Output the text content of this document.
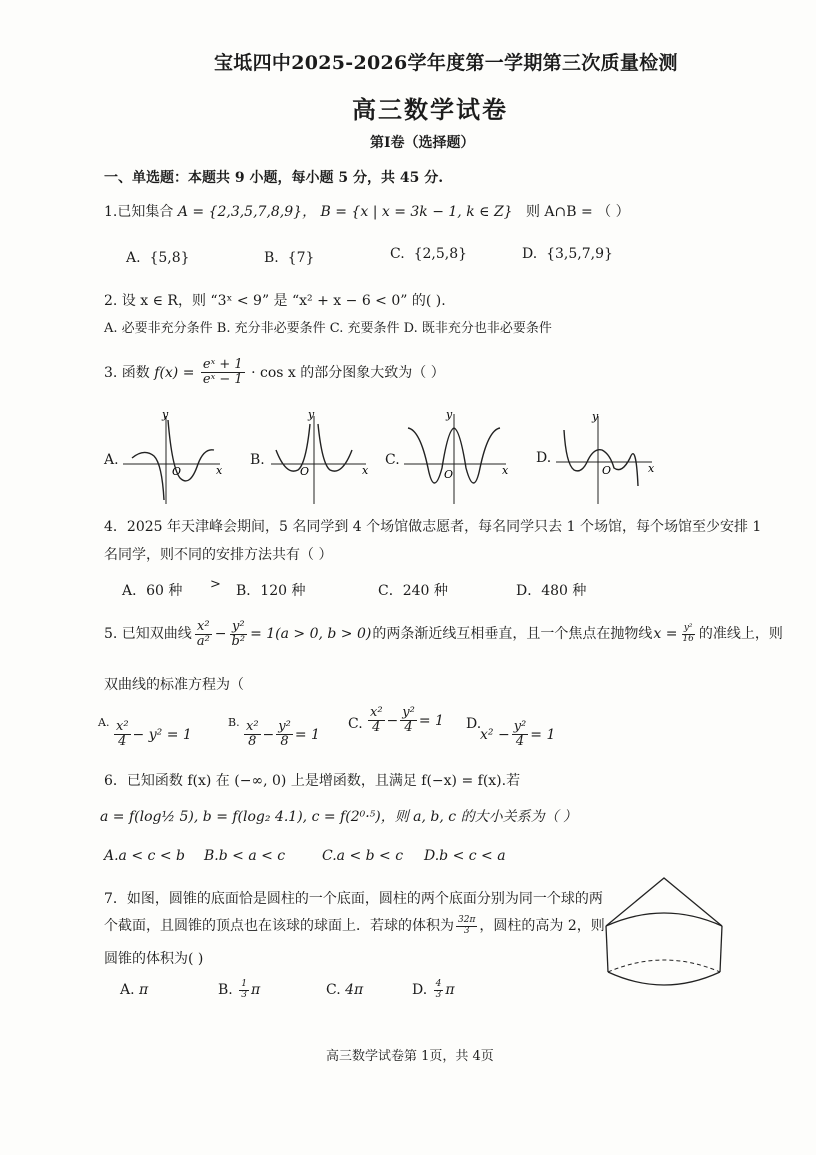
宝坻四中2025-2026学年度第一学期第三次质量检测
高三数学试卷
第I卷（选择题）
一、单选题：本题共 9 小题，每小题 5 分，共 45 分.
1.已知集合 A = {2,3,5,7,8,9}， B = {x | x = 3k − 1, k ∈ Z} 则 A∩B = （ ）
A. {5,8}	B. {7}	C. {2,5,8}	D. {3,5,7,9}
2. 设 x ∈ R，则 “3ˣ < 9” 是 “x² + x − 6 < 0” 的( ).
A. 必要非充分条件 B. 充分非必要条件 C. 充要条件 D. 既非充分也非必要条件
3. 函数 $f(x) = \frac{\text{eˣ + 1}}{\text{eˣ − 1}} \cdot \cos x$ 的部分图象大致为（ ）
A.
y
x
O
B.
y
x
O
C.
y
x
O
D.
y
x
O
4．2025 年天津峰会期间，5 名同学到 4 个场馆做志愿者，每名同学只去 1 个场馆，每个场馆至少安排 1
名同学，则不同的安排方法共有（ ）
A．60 种 > B．120 种	C．240 种	D．480 种
5. 已知双曲线 $\frac{\text{x²}}{\text{a²}} - \frac{\text{y²}}{\text{b²}} = 1(a > 0$, b > 0) 的两条渐近线互相垂直，且一个焦点在抛物线 $x = \frac{\text{y²}}{16}$ 的准线上，则
双曲线的标准方程为（
A. $\frac{\text{x²}}{4} - y^2 = 1$
B. $\frac{\text{x²}}{8} - \frac{\text{y²}}{8} = 1$
C. $\frac{\text{x²}}{4} - \frac{\text{y²}}{4} = 1$ D.
$x^2 - \frac{\text{y²}}{4} = 1$
6．已知函数 f(x) 在 (−∞, 0) 上是增函数，且满足 f(−x) = f(x).若
a = f(log½ 5), b = f(log₂ 4.1), c = f(2⁰·⁵)，则 a, b, c 的大小关系为（ ）
A.a < c < b B.b < a < c	C.a < b < c D.b < c < a
7．如图，圆锥的底面恰是圆柱的一个底面，圆柱的两个底面分别为同一个球的两
个截面，且圆锥的顶点也在该球的球面上．若球的体积为 $\frac{32\pi}{3}$ ，圆柱的高为 2，则
圆锥的体积为( )
A. π	B.
$\frac{1}{3}$ π	C. 4π	D.
$\frac{4}{3}$ π
高三数学试卷第 1页，共 4页
